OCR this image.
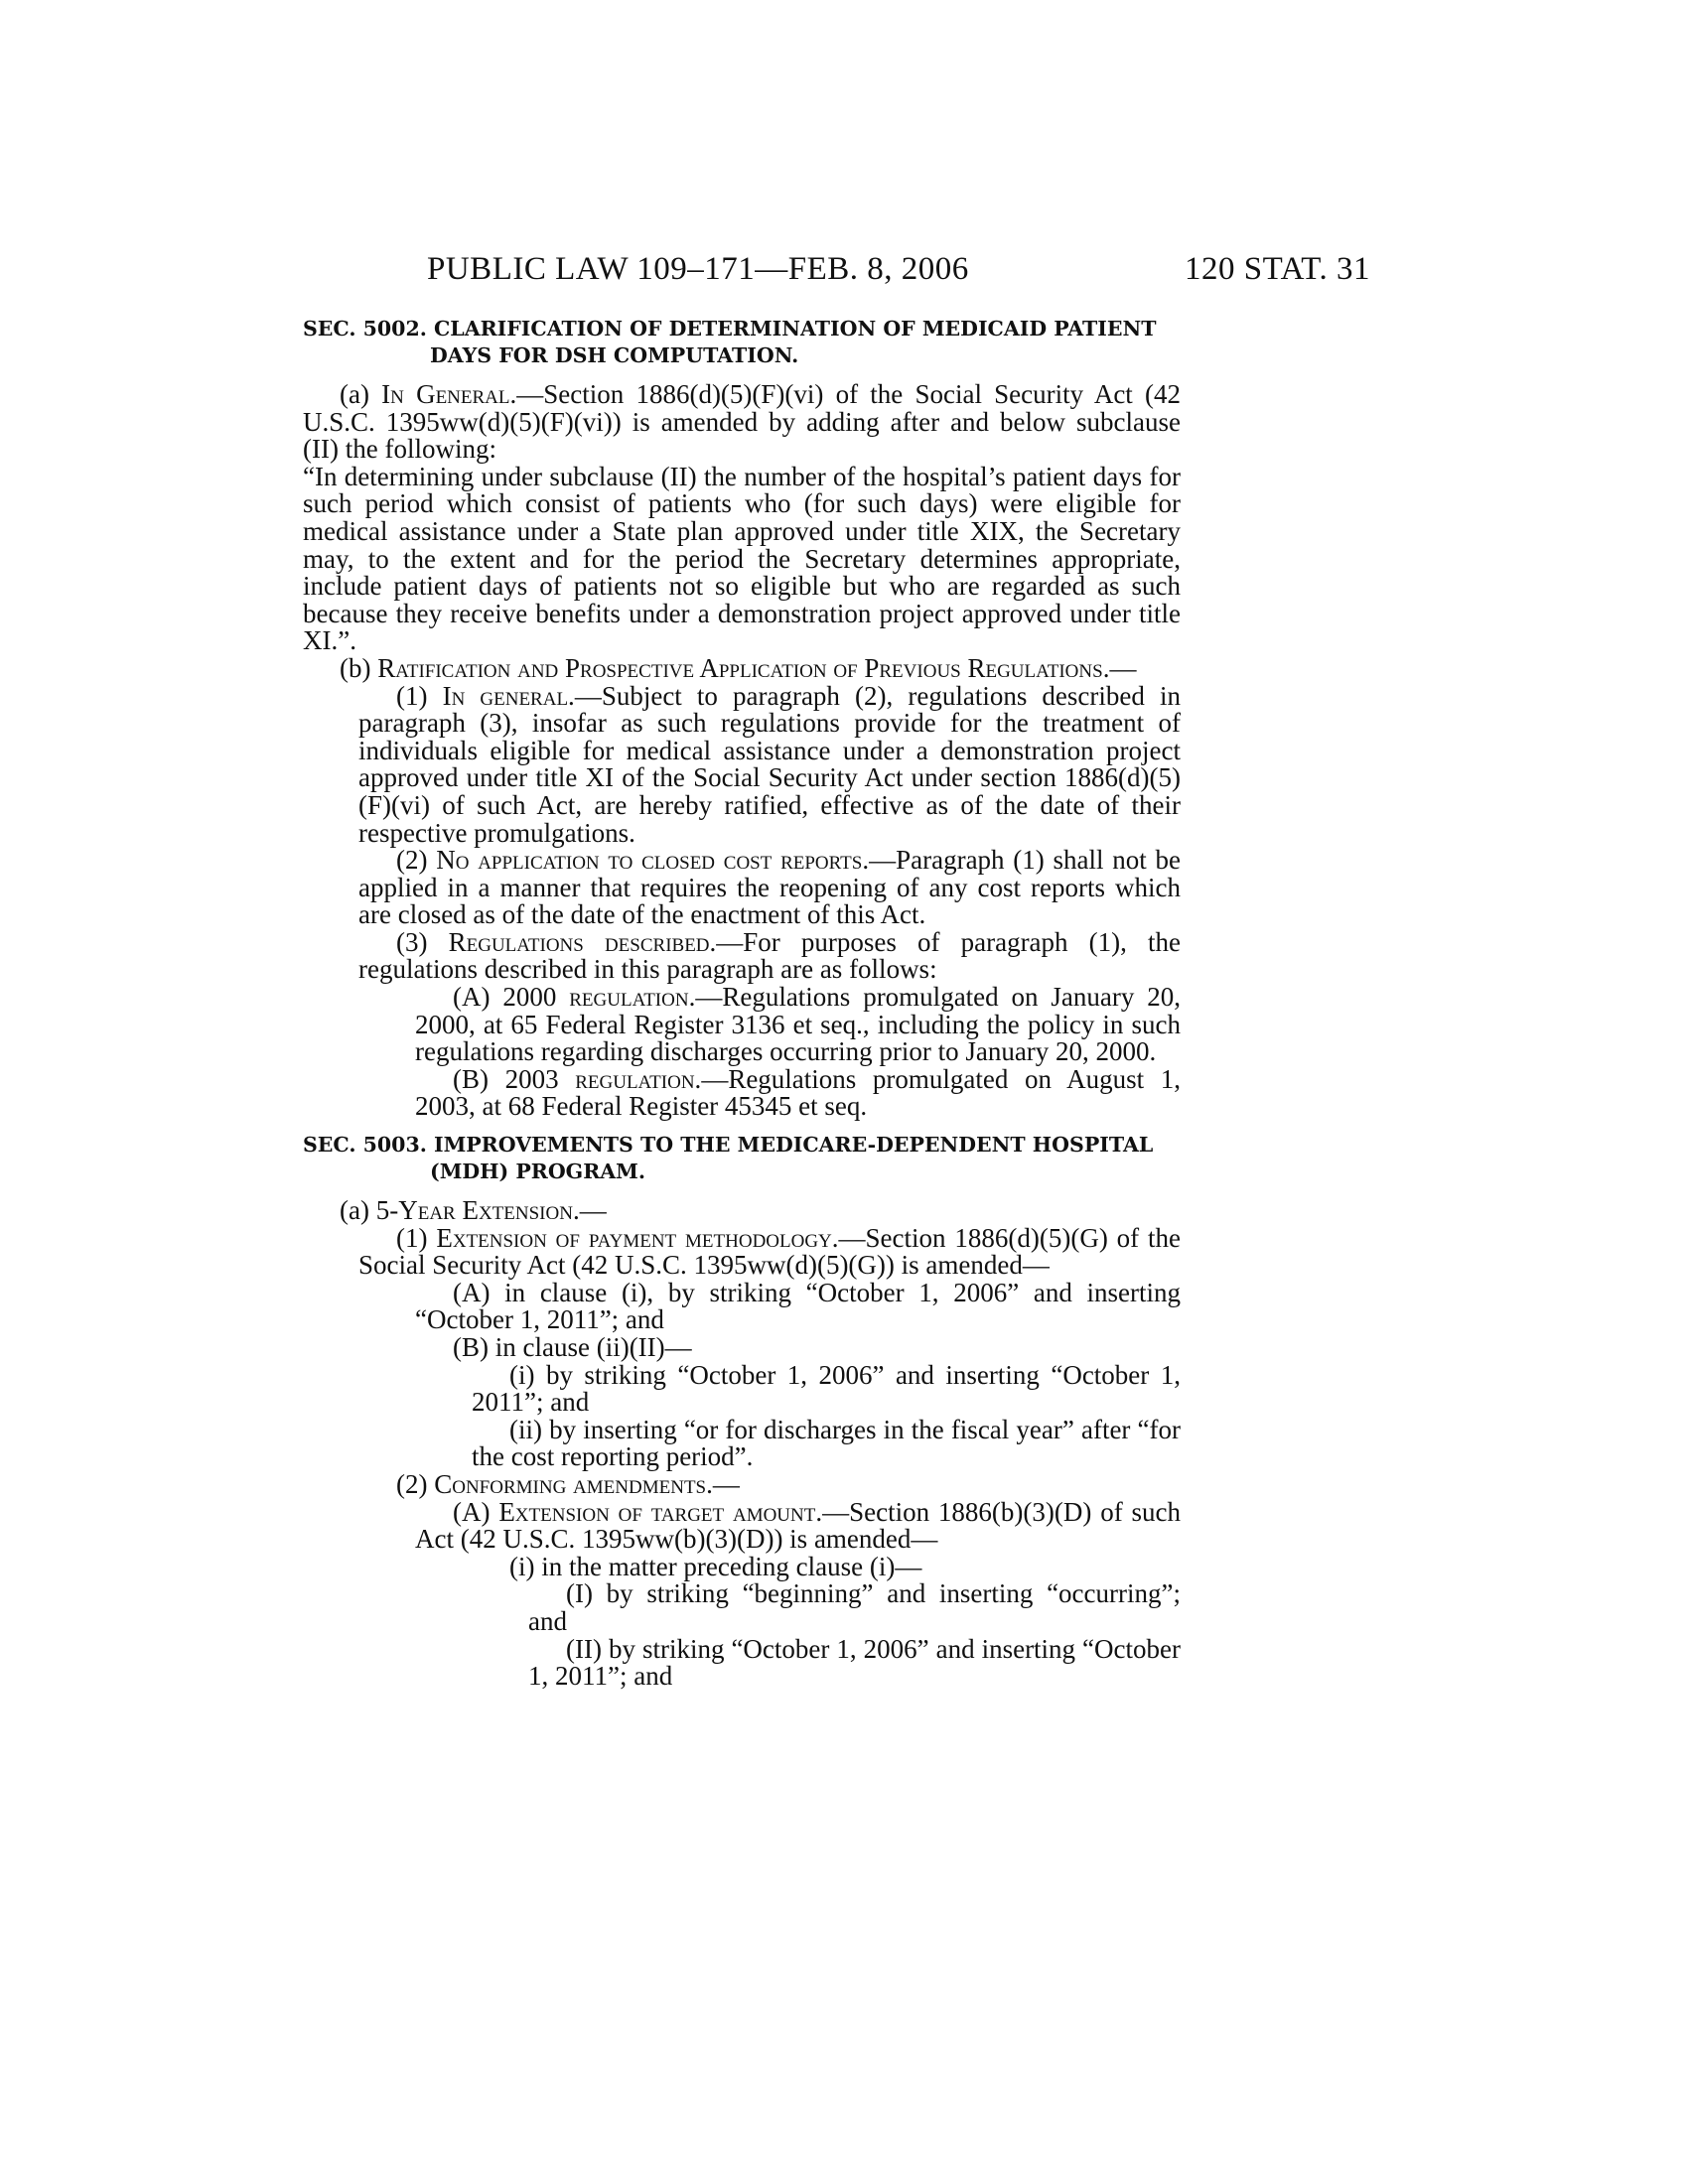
PUBLIC LAW 109–171—FEB. 8, 2006	120 STAT. 31

SEC. 5002. CLARIFICATION OF DETERMINATION OF MEDICAID PATIENT DAYS FOR DSH COMPUTATION.

(a) In General.—Section 1886(d)(5)(F)(vi) of the Social Security Act (42 U.S.C. 1395ww(d)(5)(F)(vi)) is amended by adding after and below subclause (II) the following:

“In determining under subclause (II) the number of the hospital’s patient days for such period which consist of patients who (for such days) were eligible for medical assistance under a State plan approved under title XIX, the Secretary may, to the extent and for the period the Secretary determines appropriate, include patient days of patients not so eligible but who are regarded as such because they receive benefits under a demonstration project approved under title XI.”.

(b) Ratification and Prospective Application of Previous Regulations.—

(1) In general.—Subject to paragraph (2), regulations described in paragraph (3), insofar as such regulations provide for the treatment of individuals eligible for medical assistance under a demonstration project approved under title XI of the Social Security Act under section 1886(d)(5)(F)(vi) of such Act, are hereby ratified, effective as of the date of their respective promulgations.

(2) No application to closed cost reports.—Paragraph (1) shall not be applied in a manner that requires the reopening of any cost reports which are closed as of the date of the enactment of this Act.

(3) Regulations described.—For purposes of paragraph (1), the regulations described in this paragraph are as follows:

(A) 2000 regulation.—Regulations promulgated on January 20, 2000, at 65 Federal Register 3136 et seq., including the policy in such regulations regarding discharges occurring prior to January 20, 2000.

(B) 2003 regulation.—Regulations promulgated on August 1, 2003, at 68 Federal Register 45345 et seq.

SEC. 5003. IMPROVEMENTS TO THE MEDICARE-DEPENDENT HOSPITAL (MDH) PROGRAM.

(a) 5-Year Extension.—

(1) Extension of payment methodology.—Section 1886(d)(5)(G) of the Social Security Act (42 U.S.C. 1395ww(d)(5)(G)) is amended—

(A) in clause (i), by striking “October 1, 2006” and inserting “October 1, 2011”; and

(B) in clause (ii)(II)—

(i) by striking “October 1, 2006” and inserting “October 1, 2011”; and

(ii) by inserting “or for discharges in the fiscal year” after “for the cost reporting period”.

(2) Conforming amendments.—

(A) Extension of target amount.—Section 1886(b)(3)(D) of such Act (42 U.S.C. 1395ww(b)(3)(D)) is amended—

(i) in the matter preceding clause (i)—

(I) by striking “beginning” and inserting “occurring”; and

(II) by striking “October 1, 2006” and inserting “October 1, 2011”; and
